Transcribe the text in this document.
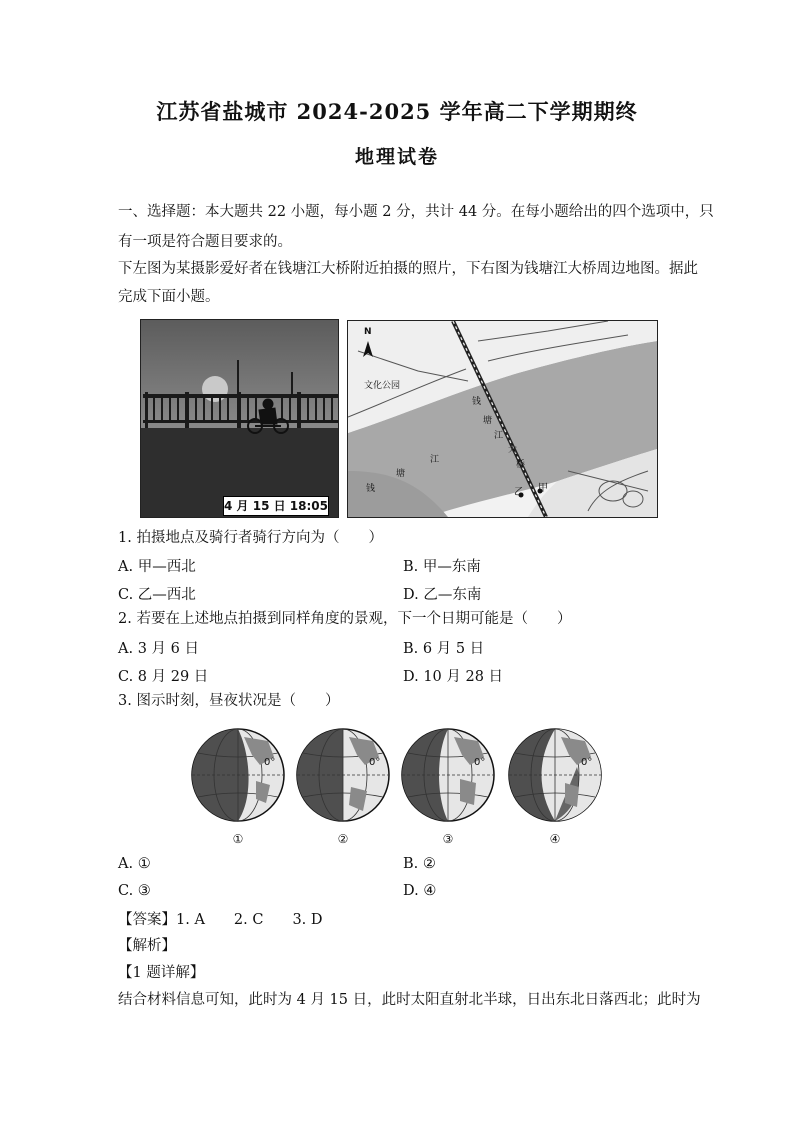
江苏省盐城市 2024-2025 学年高二下学期期终
地理试卷
一、选择题：本大题共 22 小题，每小题 2 分，共计 44 分。在每小题给出的四个选项中，只
有一项是符合题目要求的。
下左图为某摄影爱好者在钱塘江大桥附近拍摄的照片，下右图为钱塘江大桥周边地图。据此
完成下面小题。
4 月 15 日 18:05
N
文化公园
钱
塘
江
大
桥
钱
塘
江
甲
乙
1. 拍摄地点及骑行者骑行方向为（　　）
A. 甲—西北	B. 甲—东南
C. 乙—西北	D. 乙—东南
2. 若要在上述地点拍摄到同样角度的景观，下一个日期可能是（　　）
A. 3 月 6 日	B. 6 月 5 日
C. 8 月 29 日	D. 10 月 28 日
3. 图示时刻，昼夜状况是（　　）
0°	0°	0°	0°
①	②	③	④
A. ①	B. ②
C. ③	D. ④
【答案】1. A　　2. C　　3. D
【解析】
【1 题详解】
结合材料信息可知，此时为 4 月 15 日，此时太阳直射北半球，日出东北日落西北；此时为
